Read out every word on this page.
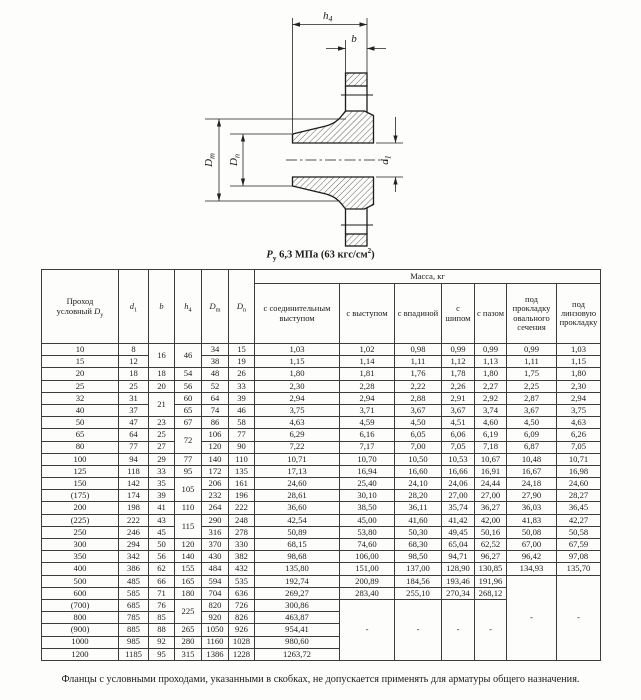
$h_4$
b
$D_m$
$D_n$
$d_1$
$Р_у$ 6,3 МПа (63 кгс/$см^2$)
Проход
условный $D_у$	$d_1$	b	$h_4$	$D_m$	$D_n$	Масса, кг						
						с соединительным выступом	с выступом	с впадиной	с шипом	с пазом	под прокладку овального сечения	под линзовую прокладку
10	8	16	46	34	15	1,03	1,02	0,98	0,99	0,99	0,99	1,03
15	12			38	19	1,15	1,14	1,11	1,12	1,13	1,11	1,15
20	18	18	54	48	26	1,80	1,81	1,76	1,78	1,80	1,75	1,80
25	25	20	56	52	33	2,30	2,28	2,22	2,26	2,27	2,25	2,30
32	31	21	60	64	39	2,94	2,94	2,88	2,91	2,92	2,87	2,94
40	37		65	74	46	3,75	3,71	3,67	3,67	3,74	3,67	3,75
50	47	23	67	86	58	4,63	4,59	4,50	4,51	4,60	4,50	4,63
65	64	25	72	106	77	6,29	6,16	6,05	6,06	6,19	6,09	6,26
80	77	27		120	90	7,22	7,17	7,00	7,05	7,18	6,87	7,05
100	94	29	77	140	110	10,71	10,70	10,50	10,53	10,67	10,48	10,71
125	118	33	95	172	135	17,13	16,94	16,60	16,66	16,91	16,67	16,98
150	142	35	105	206	161	24,60	25,40	24,10	24,06	24,44	24,18	24,60
(175)	174	39		232	196	28,61	30,10	28,20	27,00	27,00	27,90	28,27
200	198	41	110	264	222	36,60	38,50	36,11	35,74	36,27	36,03	36,45
(225)	222	43	115	290	248	42,54	45,00	41,60	41,42	42,00	41,83	42,27
250	246	45		316	278	50,89	53,80	50,30	49,45	50,16	50,08	50,58
300	294	50	120	370	330	68,15	74,60	68,30	65,04	62,52	67,00	67,59
350	342	56	140	430	382	98,68	106,00	98,50	94,71	96,27	96,42	97,08
400	386	62	155	484	432	135,80	151,00	137,00	128,90	130,85	134,93	135,70
500	485	66	165	594	535	192,74	200,89	184,56	193,46	191,96	-	-
600	585	71	180	704	636	269,27	283,40	255,10	270,34	268,12		
(700)	685	76	225	820	726	300,86	-	-	-	-		
800	785	85		920	826	463,87						
(900)	885	88	265	1050	926	954,41						
1000	985	92	280	1160	1028	980,60						
1200	1185	95	315	1386	1228	1263,72						
Фланцы с условными проходами, указанными в скобках, не допускается применять для арматуры общего назначения.
